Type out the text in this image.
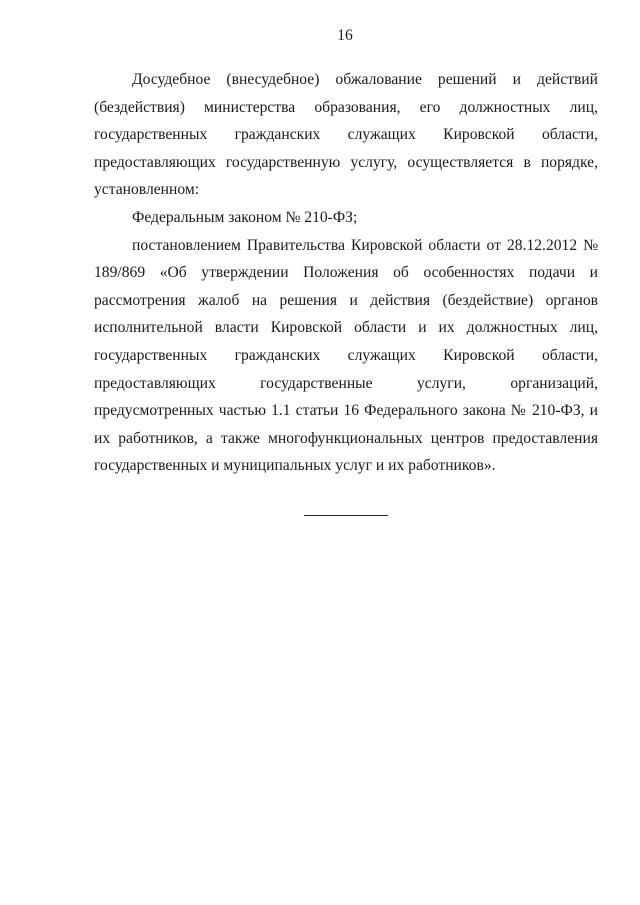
16

Досудебное (внесудебное) обжалование решений и действий (бездействия) министерства образования, его должностных лиц, государственных гражданских служащих Кировской области, предоставляющих государственную услугу, осуществляется в порядке, установленном:

Федеральным законом № 210-ФЗ;

постановлением Правительства Кировской области от 28.12.2012 № 189/869 «Об утверждении Положения об особенностях подачи и рассмотрения жалоб на решения и действия (бездействие) органов исполнительной власти Кировской области и их должностных лиц, государственных гражданских служащих Кировской области, предоставляющих государственные услуги, организаций, предусмотренных частью 1.1 статьи 16 Федерального закона № 210-ФЗ, и их работников, а также многофункциональных центров предоставления государственных и муниципальных услуг и их работников».
